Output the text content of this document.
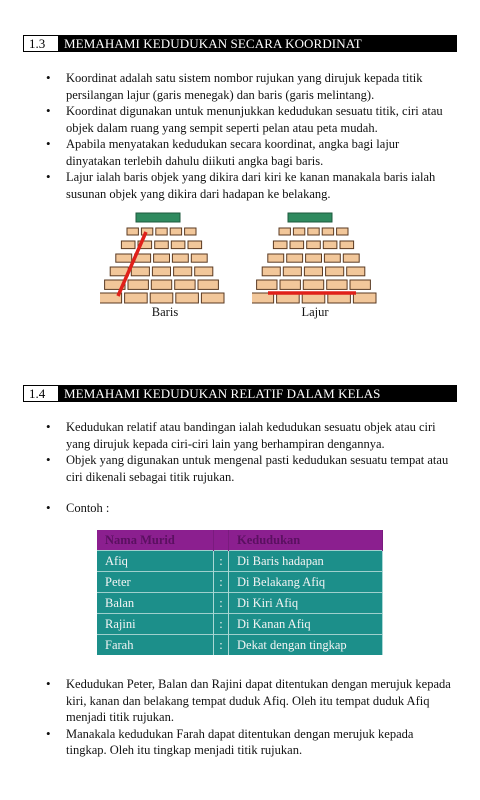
1.3	MEMAHAMI KEDUDUKAN SECARA KOORDINAT
• Koordinat adalah satu sistem nombor rujukan yang dirujuk kepada titik persilangan lajur (garis menegak) dan baris (garis melintang).
• Koordinat digunakan untuk menunjukkan kedudukan sesuatu titik, ciri atau objek dalam ruang yang sempit seperti pelan atau peta mudah.
• Apabila menyatakan kedudukan secara koordinat, angka bagi lajur dinyatakan terlebih dahulu diikuti angka bagi baris.
• Lajur ialah baris objek yang dikira dari kiri ke kanan manakala baris ialah susunan objek yang dikira dari hadapan ke belakang.
Baris	Lajur
1.4	MEMAHAMI KEDUDUKAN RELATIF DALAM KELAS
• Kedudukan relatif atau bandingan ialah kedudukan sesuatu objek atau ciri yang dirujuk kepada ciri-ciri lain yang berhampiran dengannya.
• Objek yang digunakan untuk mengenal pasti kedudukan sesuatu tempat atau ciri dikenali sebagai titik rujukan.
• Contoh :
Nama Murid		Kedudukan
Afiq	:	Di Baris hadapan
Peter	:	Di Belakang Afiq
Balan	:	Di Kiri Afiq
Rajini	:	Di Kanan Afiq
Farah	:	Dekat dengan tingkap
• Kedudukan Peter, Balan dan Rajini dapat ditentukan dengan merujuk kepada kiri, kanan dan belakang tempat duduk Afiq. Oleh itu tempat duduk Afiq menjadi titik rujukan.
• Manakala kedudukan Farah dapat ditentukan dengan merujuk kepada tingkap. Oleh itu tingkap menjadi titik rujukan.
